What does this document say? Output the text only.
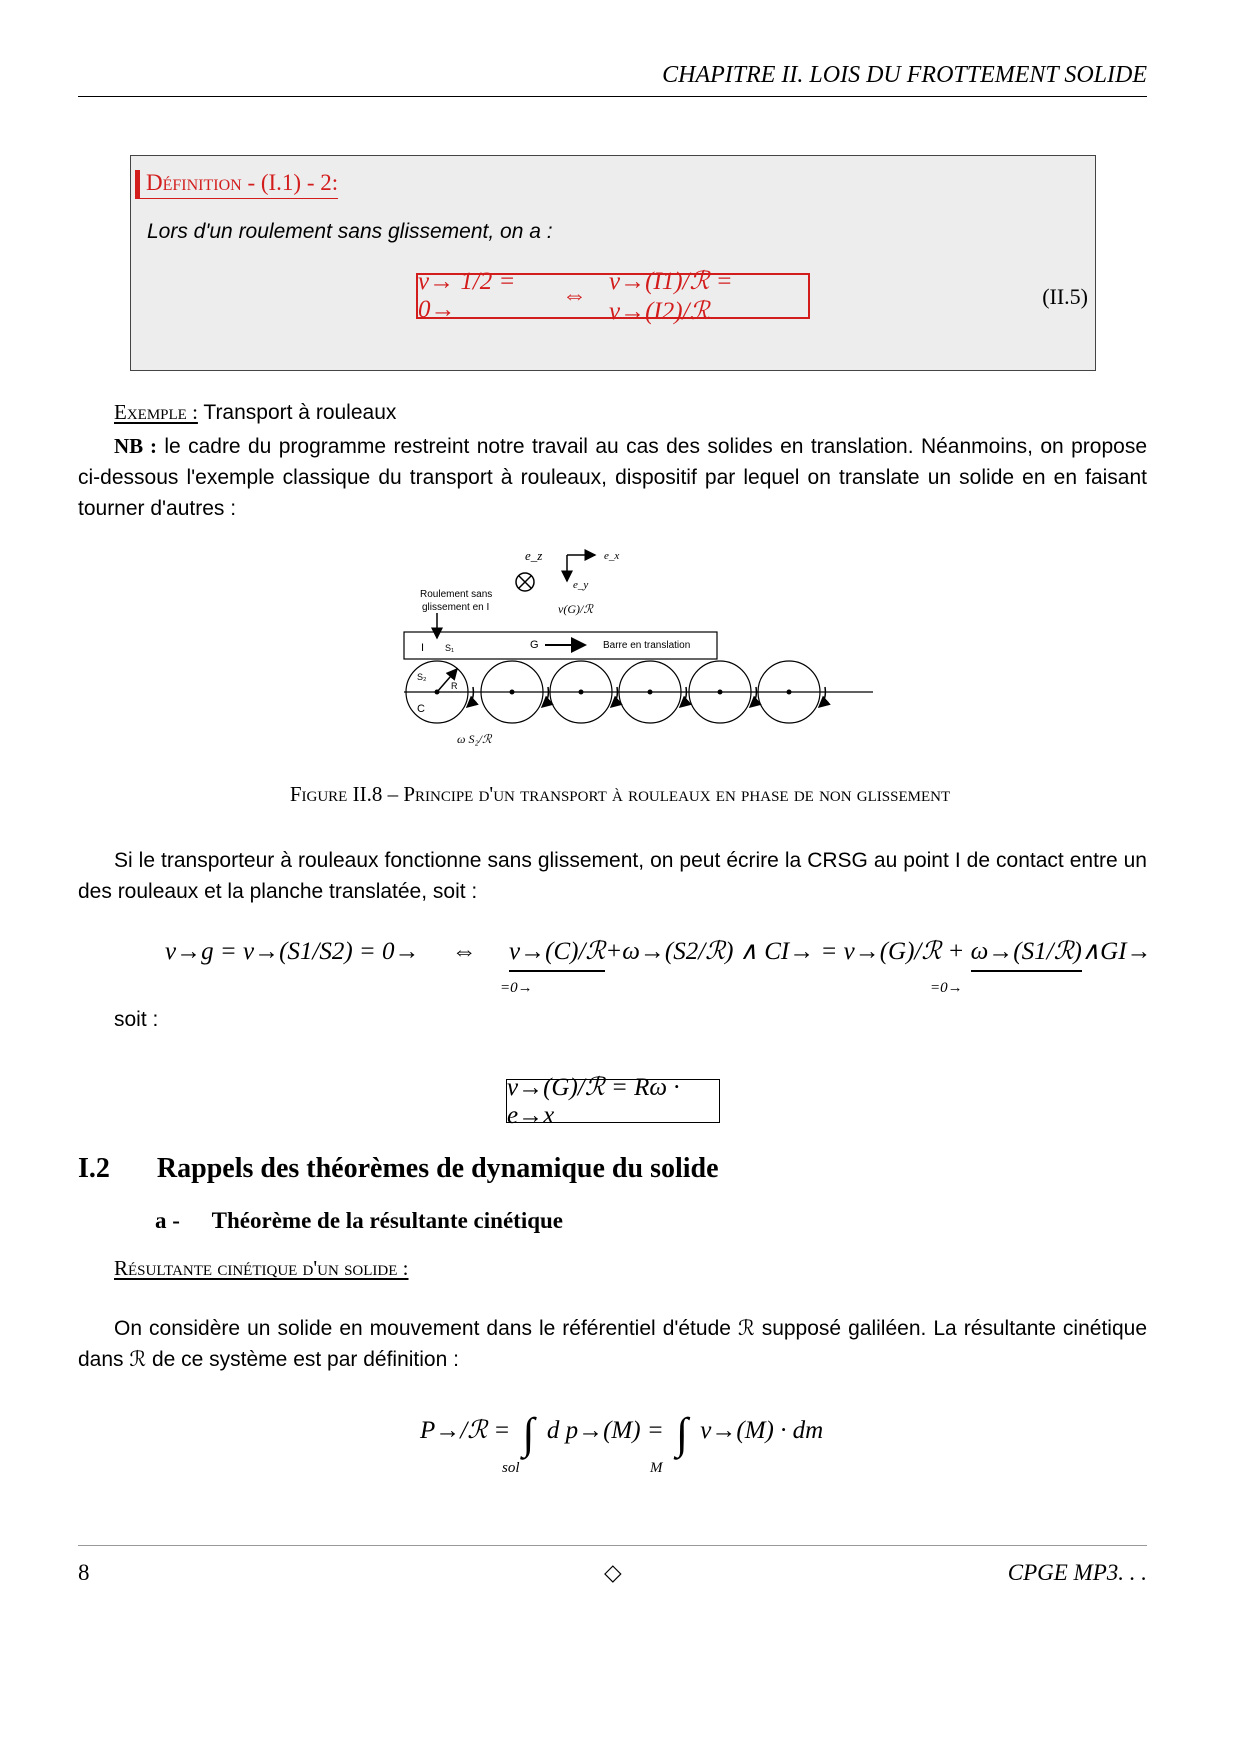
CHAPITRE II. LOIS DU FROTTEMENT SOLIDE
Définition - (I.1) - 2:
Lors d'un roulement sans glissement, on a :
v→ 1/2 = 0→
⇔
v→(I1)/ℛ = v→(I2)/ℛ
(II.5)
Exemple : Transport à rouleaux
NB : le cadre du programme restreint notre travail au cas des solides en translation. Néanmoins, on propose ci-dessous l'exemple classique du transport à rouleaux, dispositif par lequel on translate un solide en en faisant tourner d'autres :
e_z	e_x
e_y
v(G)/ℛ
Roulement sans
glissement en I
I S₁	G	Barre en translation
S₂
R
C
ω S₂/ℛ
Figure II.8 – Principe d'un transport à rouleaux en phase de non glissement
Si le transporteur à rouleaux fonctionne sans glissement, on peut écrire la CRSG au point I de contact entre un des rouleaux et la planche translatée, soit :
v→g = v→(S1/S2) = 0→ ⇔ v→(C)/ℛ+ω→(S2/ℛ) ∧ CI→ = v→(G)/ℛ + ω→(S1/ℛ)∧GI→
=0→	=0→
soit :
v→(G)/ℛ = Rω · e→x
I.2 Rappels des théorèmes de dynamique du solide
a - Théorème de la résultante cinétique
Résultante cinétique d'un solide :
On considère un solide en mouvement dans le référentiel d'étude ℛ supposé galiléen. La résultante cinétique dans ℛ de ce système est par définition :
P→/ℛ = ∫ d p→(M) = ∫ v→(M) · dm
sol	M
8	◇	CPGE MP3. . .
